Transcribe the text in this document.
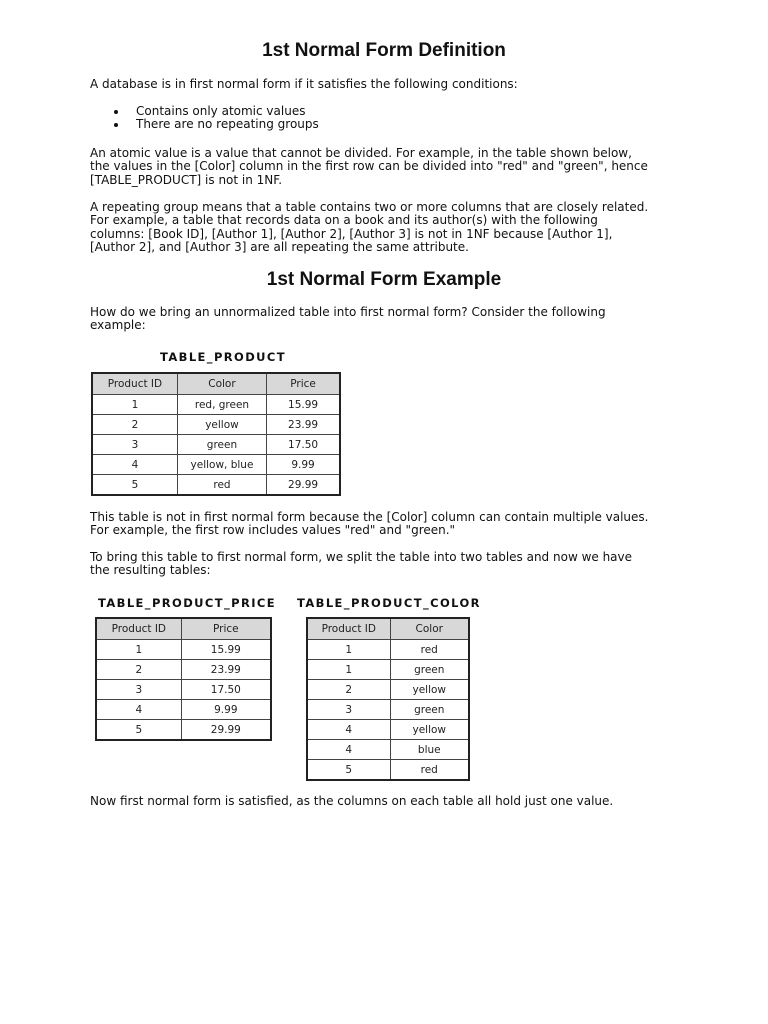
1st Normal Form Definition

A database is in first normal form if it satisfies the following conditions:

Contains only atomic values
There are no repeating groups

An atomic value is a value that cannot be divided. For example, in the table shown below,
the values in the [Color] column in the first row can be divided into "red" and "green", hence
[TABLE_PRODUCT] is not in 1NF.

A repeating group means that a table contains two or more columns that are closely related.
For example, a table that records data on a book and its author(s) with the following
columns: [Book ID], [Author 1], [Author 2], [Author 3] is not in 1NF because [Author 1],
[Author 2], and [Author 3] are all repeating the same attribute.

1st Normal Form Example

How do we bring an unnormalized table into first normal form? Consider the following
example:

TABLE_PRODUCT
Product ID	Color	Price
1	red, green	15.99
2	yellow	23.99
3	green	17.50
4	yellow, blue	9.99
5	red	29.99

This table is not in first normal form because the [Color] column can contain multiple values.
For example, the first row includes values "red" and "green."

To bring this table to first normal form, we split the table into two tables and now we have
the resulting tables:

TABLE_PRODUCT_PRICE
Product ID	Price
1	15.99
2	23.99
3	17.50
4	9.99
5	29.99
TABLE_PRODUCT_COLOR
Product ID	Color
1	red
1	green
2	yellow
3	green
4	yellow
4	blue
5	red

Now first normal form is satisfied, as the columns on each table all hold just one value.
